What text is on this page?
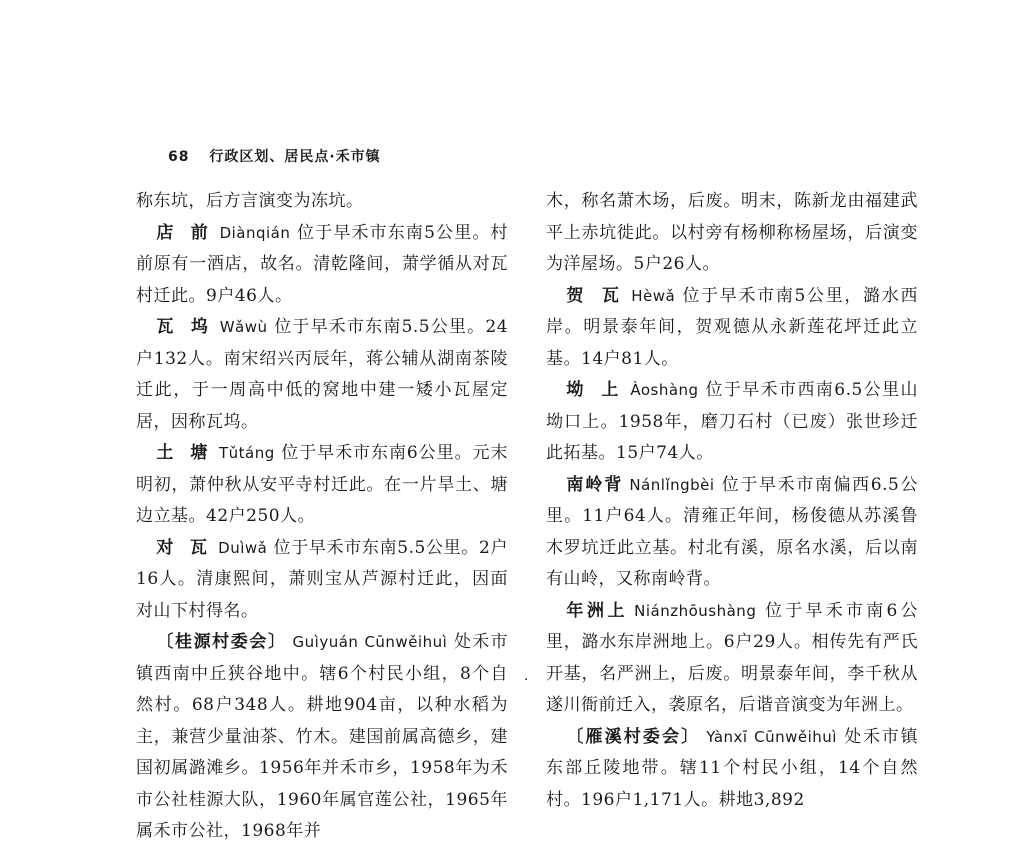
68 行政区划、居民点·禾市镇

称东坑，后方言演变为冻坑。

店 前 Diànqián 位于早禾市东南5公里。村前原有一酒店，故名。清乾隆间，萧学循从对瓦村迁此。9户46人。

瓦 坞 Wǎwù 位于早禾市东南5.5公里。24户132人。南宋绍兴丙辰年，蒋公辅从湖南茶陵迁此，于一周高中低的窝地中建一矮小瓦屋定居，因称瓦坞。

土 塘 Tǔtáng 位于早禾市东南6公里。元末明初，萧仲秋从安平寺村迁此。在一片旱土、塘边立基。42户250人。

对 瓦 Duìwǎ 位于早禾市东南5.5公里。2户16人。清康熙间，萧则宝从芦源村迁此，因面对山下村得名。

〔桂源村委会〕 Guìyuán Cūnwěihuì 处禾市镇西南中丘狭谷地中。辖6个村民小组，8个自然村。68户348人。耕地904亩，以种水稻为主，兼营少量油茶、竹木。建国前属高德乡，建国初属潞滩乡。1956年并禾市乡，1958年为禾市公社桂源大队，1960年属官莲公社，1965年属禾市公社，1968年并

木，称名萧木场，后废。明末，陈新龙由福建武平上赤坑徙此。以村旁有杨柳称杨屋场，后演变为洋屋场。5户26人。

贺 瓦 Hèwǎ 位于早禾市南5公里，潞水西岸。明景泰年间，贺观德从永新莲花坪迁此立基。14户81人。

坳 上 Àoshàng 位于早禾市西南6.5公里山坳口上。1958年，磨刀石村（已废）张世珍迁此拓基。15户74人。

南岭背 Nánlǐngbèi 位于早禾市南偏西6.5公里。11户64人。清雍正年间，杨俊德从苏溪鲁木罗坑迁此立基。村北有溪，原名水溪，后以南有山岭，又称南岭背。

年洲上 Niánzhōushàng 位于早禾市南6公里，潞水东岸洲地上。6户29人。相传先有严氏开基，名严洲上，后废。明景泰年间，李千秋从遂川衙前迁入，袭原名，后谐音演变为年洲上。

〔雁溪村委会〕 Yànxī Cūnwěihuì 处禾市镇东部丘陵地带。辖11个村民小组，14个自然村。196户1,171人。耕地3,892

·
